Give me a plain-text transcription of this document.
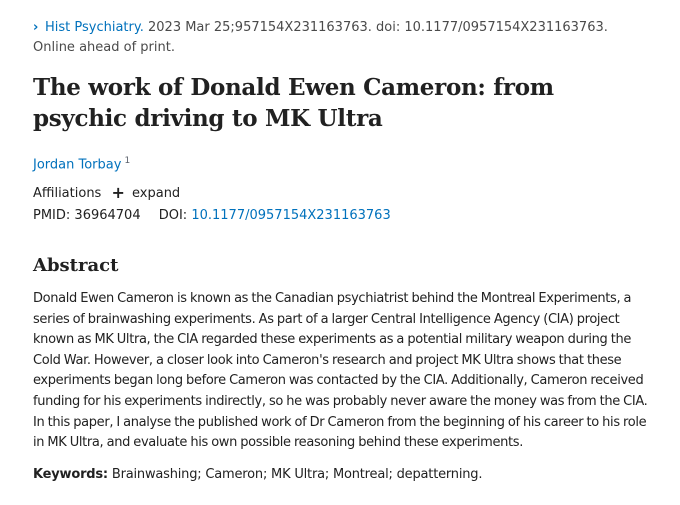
› Hist Psychiatry. 2023 Mar 25;957154X231163763. doi: 10.1177/0957154X231163763.
Online ahead of print.
The work of Donald Ewen Cameron: from psychic driving to MK Ultra
Jordan Torbay $^1$
Affiliations + expand
PMID: 36964704 DOI: 10.1177/0957154X231163763
Abstract

Donald Ewen Cameron is known as the Canadian psychiatrist behind the Montreal Experiments, a series of brainwashing experiments. As part of a larger Central Intelligence Agency (CIA) project known as MK Ultra, the CIA regarded these experiments as a potential military weapon during the Cold War. However, a closer look into Cameron's research and project MK Ultra shows that these experiments began long before Cameron was contacted by the CIA. Additionally, Cameron received funding for his experiments indirectly, so he was probably never aware the money was from the CIA. In this paper, I analyse the published work of Dr Cameron from the beginning of his career to his role in MK Ultra, and evaluate his own possible reasoning behind these experiments.

Keywords: Brainwashing; Cameron; MK Ultra; Montreal; depatterning.
